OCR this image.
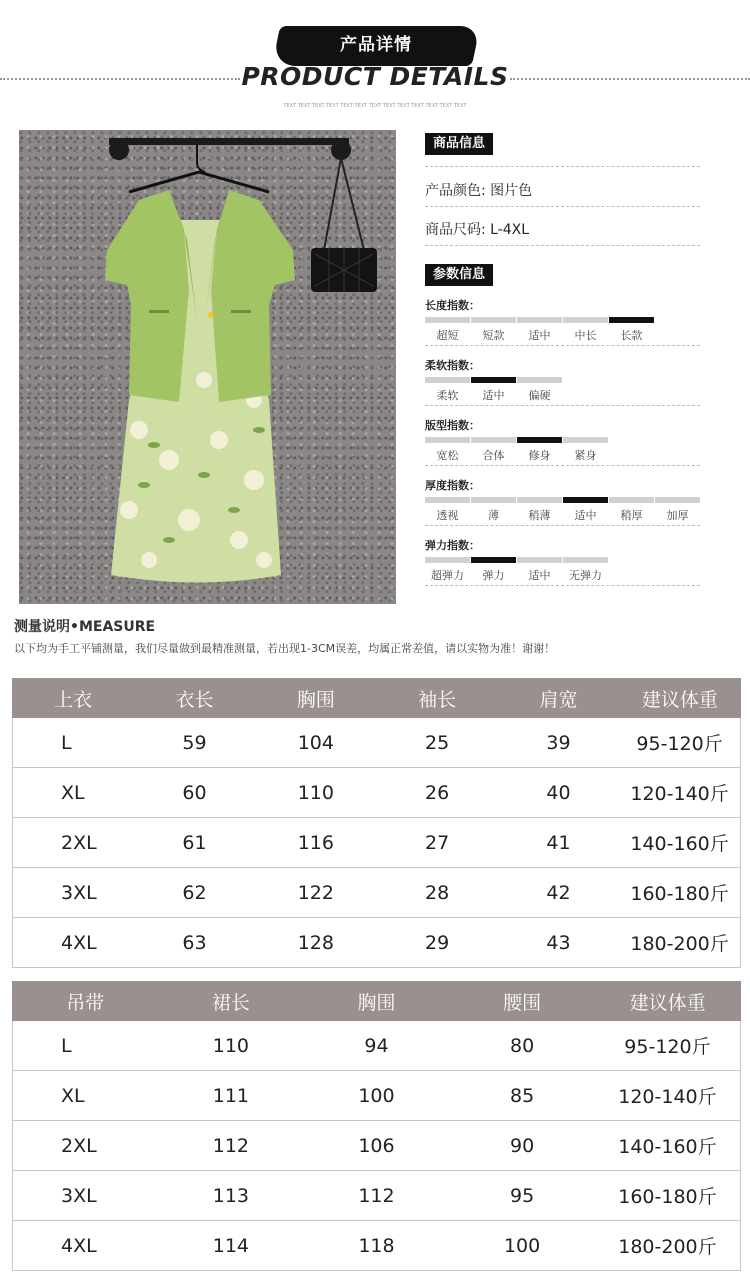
产品详情
PRODUCT DETAILS
TEXT TEXT TEXT TEXT TEXT TEXT TEXT TEXT TEXT TEXT TEXT TEXT TEXT
商品信息
产品颜色: 图片色
商品尺码: L-4XL
参数信息
长度指数：
超短	短款	适中	中长	长款
柔软指数：
柔软	适中	偏硬
版型指数：
宽松	合体	修身	紧身
厚度指数：
透视	薄	稍薄	适中	稍厚	加厚
弹力指数：
超弹力	弹力	适中	无弹力
测量说明•MEASURE
以下均为手工平铺测量，我们尽量做到最精准测量，若出现1-3CM误差，均属正常差值，请以实物为准！谢谢！
上衣	衣长	胸围	袖长	肩宽	建议体重
L	59	104	25	39	95-120斤
XL	60	110	26	40	120-140斤
2XL	61	116	27	41	140-160斤
3XL	62	122	28	42	160-180斤
4XL	63	128	29	43	180-200斤
吊带	裙长	胸围	腰围	建议体重
L	110	94	80	95-120斤
XL	111	100	85	120-140斤
2XL	112	106	90	140-160斤
3XL	113	112	95	160-180斤
4XL	114	118	100	180-200斤
